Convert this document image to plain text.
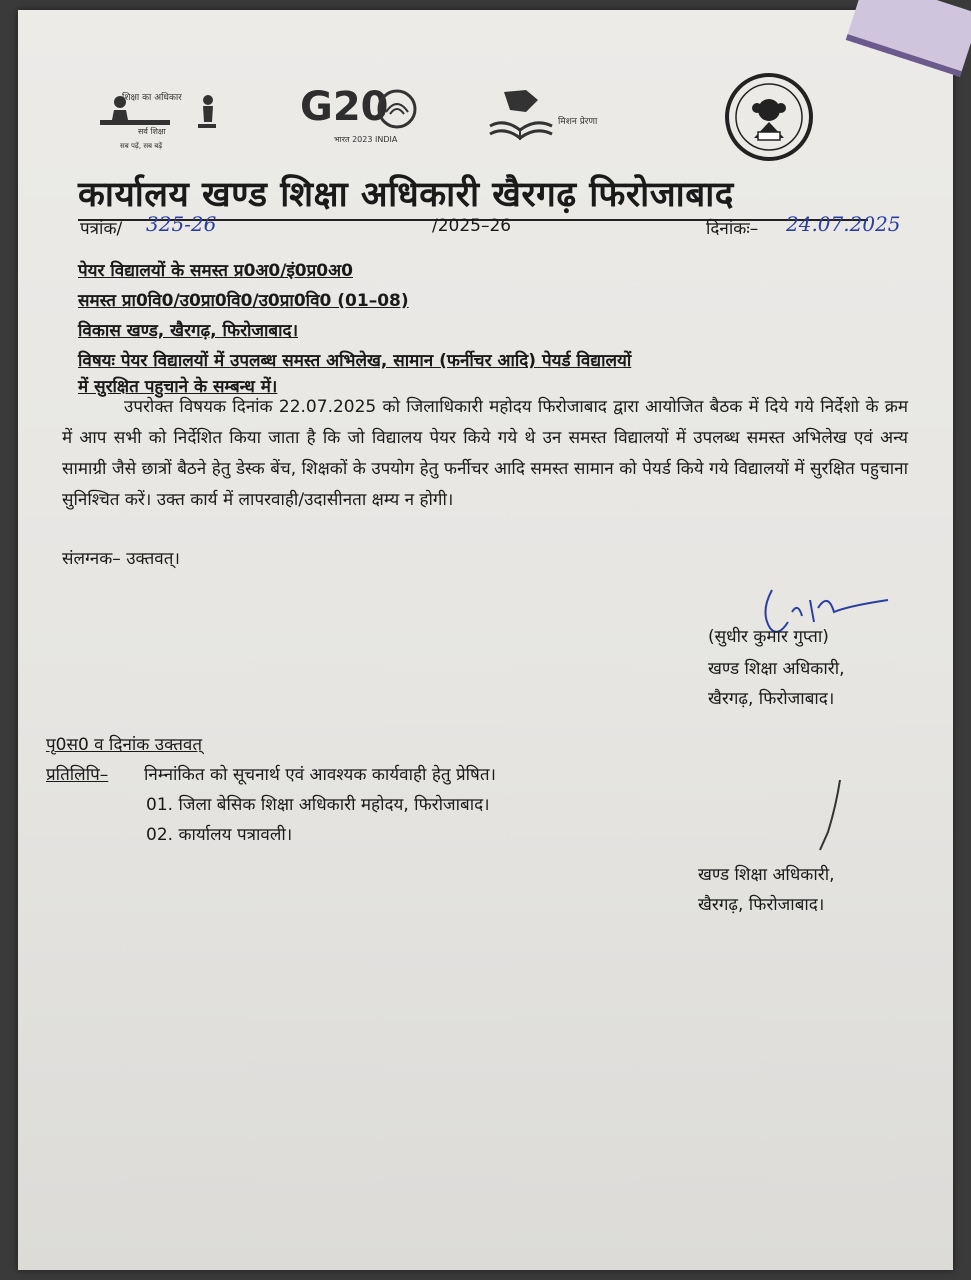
शिक्षा का अधिकार
सर्व शिक्षा
सब पढ़ें, सब बढ़ें
G20
भारत 2023 INDIA
मिशन प्रेरणा
कार्यालय खण्ड शिक्षा अधिकारी खैरगढ़ फिरोजाबाद
पत्रांक/ 325-26	/2025–26	दिनांकः– 24.07.2025
पेयर विद्यालयों के समस्त प्र0अ0/इं0प्र0अ0
समस्त प्रा0वि0/उ0प्रा0वि0/उ0प्रा0वि0 (01–08)
विकास खण्ड, खैरगढ़, फिरोजाबाद।
विषयः पेयर विद्यालयों में उपलब्ध समस्त अभिलेख, सामान (फर्नीचर आदि) पेयर्ड विद्यालयों
में सुरक्षित पहुचाने के सम्बन्ध में।
उपरोक्त विषयक दिनांक 22.07.2025 को जिलाधिकारी महोदय फिरोजाबाद द्वारा आयोजित बैठक में दिये गये निर्देशो के क्रम में आप सभी को निर्देशित किया जाता है कि जो विद्यालय पेयर किये गये थे उन समस्त विद्यालयों में उपलब्ध समस्त अभिलेख एवं अन्य सामाग्री जैसे छात्रों बैठने हेतु डेस्क बेंच, शिक्षकों के उपयोग हेतु फर्नीचर आदि समस्त सामान को पेयर्ड किये गये विद्यालयों में सुरक्षित पहुचाना सुनिश्चित करें। उक्त कार्य में लापरवाही/उदासीनता क्षम्य न होगी।
संलग्नक– उक्तवत्।
(सुधीर कुमार गुप्ता)
खण्ड शिक्षा अधिकारी,
खैरगढ़, फिरोजाबाद।
पृ0स0 व दिनांक उक्तवत्
प्रतिलिपि– निम्नांकित को सूचनार्थ एवं आवश्यक कार्यवाही हेतु प्रेषित।
01. जिला बेसिक शिक्षा अधिकारी महोदय, फिरोजाबाद।
02. कार्यालय पत्रावली।
खण्ड शिक्षा अधिकारी,
खैरगढ़, फिरोजाबाद।
